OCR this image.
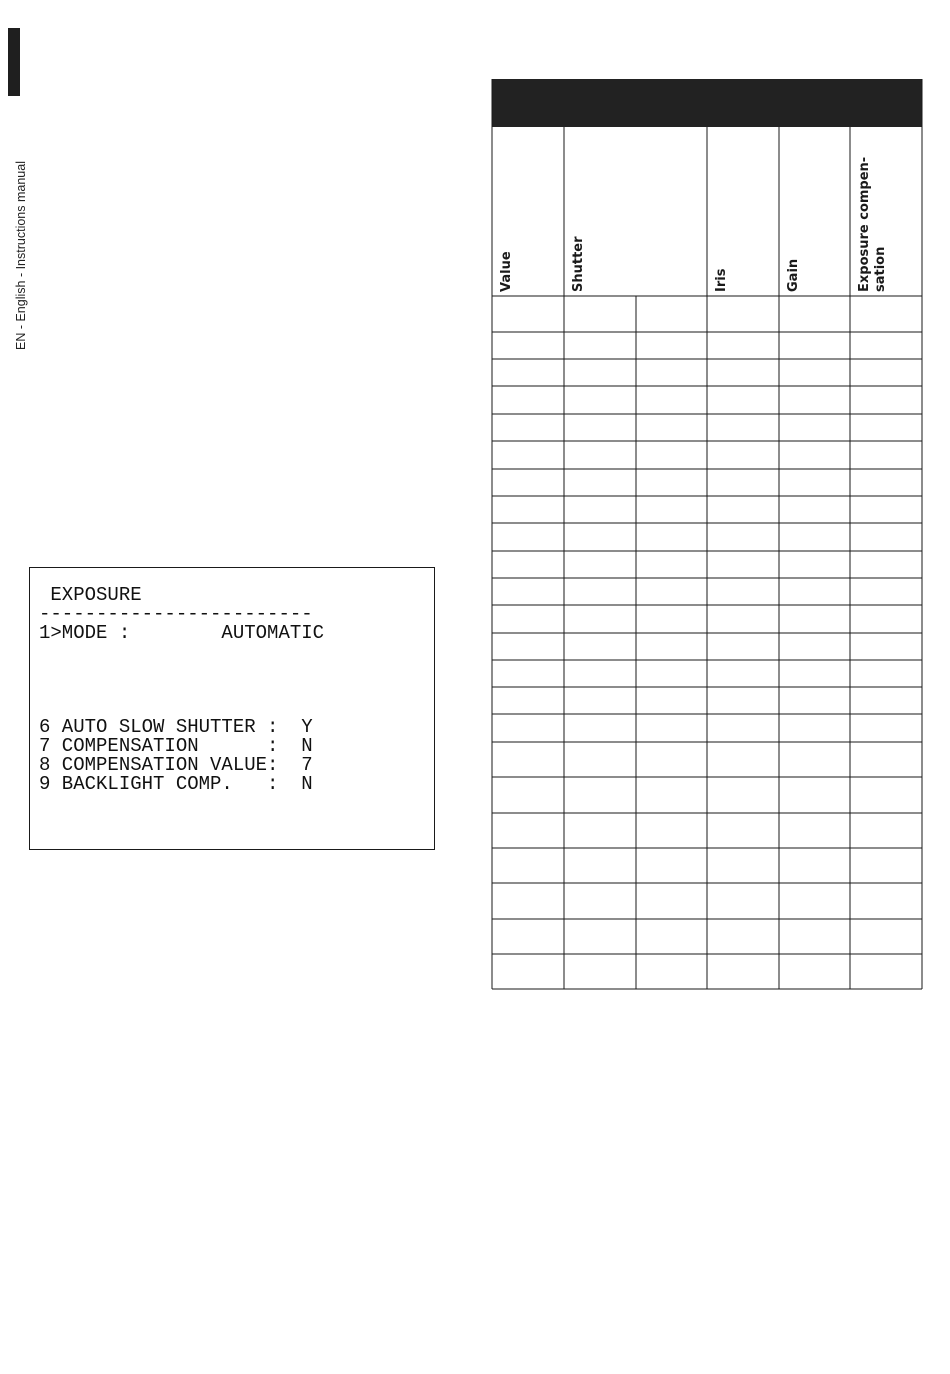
EN - English - Instructions manual
EXPOSURE
------------------------
1>MODE :        AUTOMATIC
6 AUTO SLOW SHUTTER :  Y
7 COMPENSATION      :  N
8 COMPENSATION VALUE:  7
9 BACKLIGHT COMP.   :  N
Value	Shutter	Iris	Gain	Exposure compen- sation
